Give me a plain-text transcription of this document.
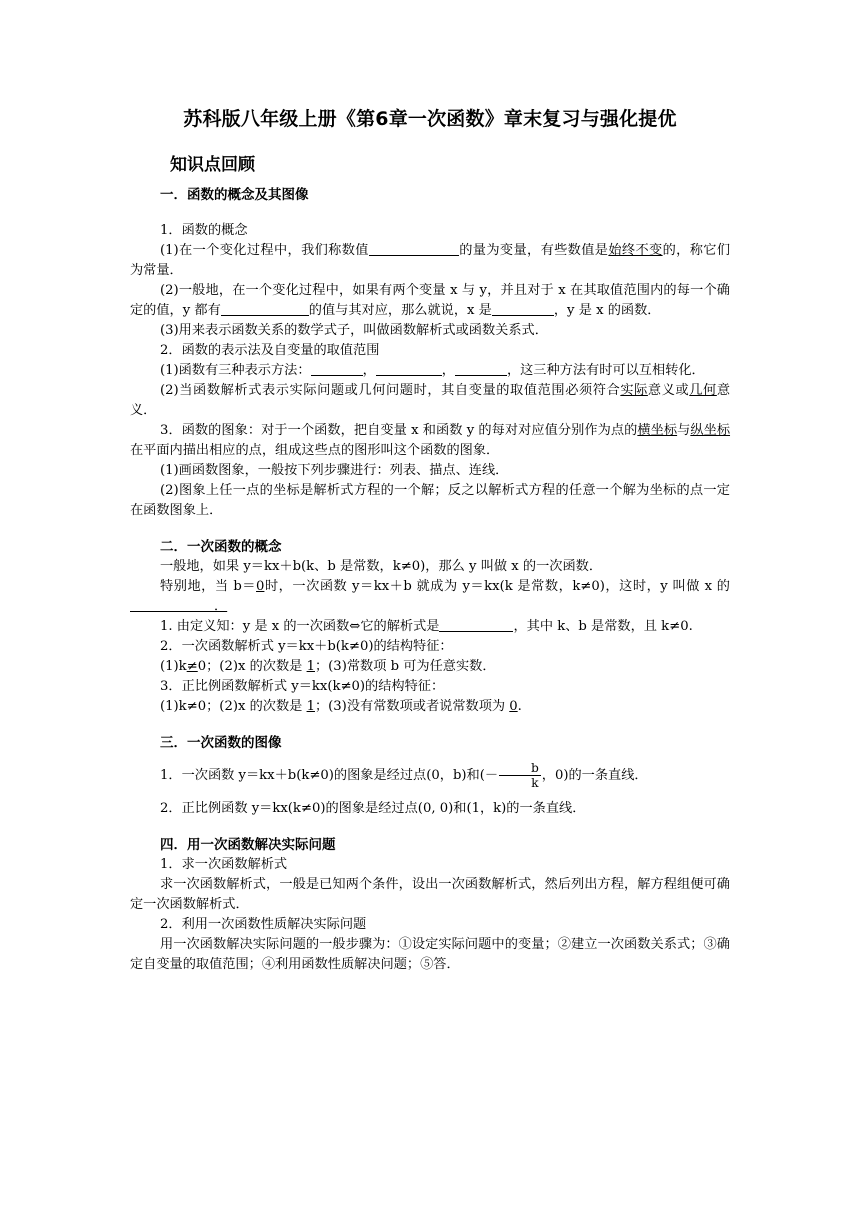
苏科版八年级上册《第6章一次函数》章末复习与强化提优
知识点回顾

一．函数的概念及其图像

1．函数的概念

(1)在一个变化过程中，我们称数值	的量为变量，有些数值是始终不变的，称它们为常量．

(2)一般地，在一个变化过程中，如果有两个变量 x 与 y，并且对于 x 在其取值范围内的每一个确定的值，y 都有	的值与其对应，那么就说，x 是	，y 是 x 的函数．

(3)用来表示函数关系的数学式子，叫做函数解析式或函数关系式．

2．函数的表示法及自变量的取值范围

(1)函数有三种表示方法：	，	，	，这三种方法有时可以互相转化．

(2)当函数解析式表示实际问题或几何问题时，其自变量的取值范围必须符合实际意义或几何意义．

3．函数的图象：对于一个函数，把自变量 x 和函数 y 的每对对应值分别作为点的横坐标与纵坐标在平面内描出相应的点，组成这些点的图形叫这个函数的图象．

(1)画函数图象，一般按下列步骤进行：列表、描点、连线．

(2)图象上任一点的坐标是解析式方程的一个解；反之以解析式方程的任意一个解为坐标的点一定在函数图象上．

二．一次函数的概念

一般地，如果 y＝kx＋b(k、b 是常数，k≠0)，那么 y 叫做 x 的一次函数．

特别地，当 b＝0时，一次函数 y＝kx＋b 就成为 y＝kx(k 是常数，k≠0)，这时，y 叫做 x 的．

1. 由定义知：y 是 x 的一次函数⇔它的解析式是	，其中 k、b 是常数，且 k≠0.

2．一次函数解析式 y＝kx＋b(k≠0)的结构特征：

(1)k≠0；(2)x 的次数是 1；(3)常数项 b 可为任意实数．

3．正比例函数解析式 y＝kx(k≠0)的结构特征：

(1)k≠0；(2)x 的次数是 1；(3)没有常数项或者说常数项为 0.

三．一次函数的图像

1．一次函数 y＝kx＋b(k≠0)的图象是经过点(0，b)和(－ $\frac{b}{k}$ ，0)的一条直线．

2．正比例函数 y＝kx(k≠0)的图象是经过点(0, 0)和(1，k)的一条直线．

四．用一次函数解决实际问题

1．求一次函数解析式

求一次函数解析式，一般是已知两个条件，设出一次函数解析式，然后列出方程，解方程组便可确定一次函数解析式．

2．利用一次函数性质解决实际问题

用一次函数解决实际问题的一般步骤为：①设定实际问题中的变量；②建立一次函数关系式；③确定自变量的取值范围；④利用函数性质解决问题；⑤答．
